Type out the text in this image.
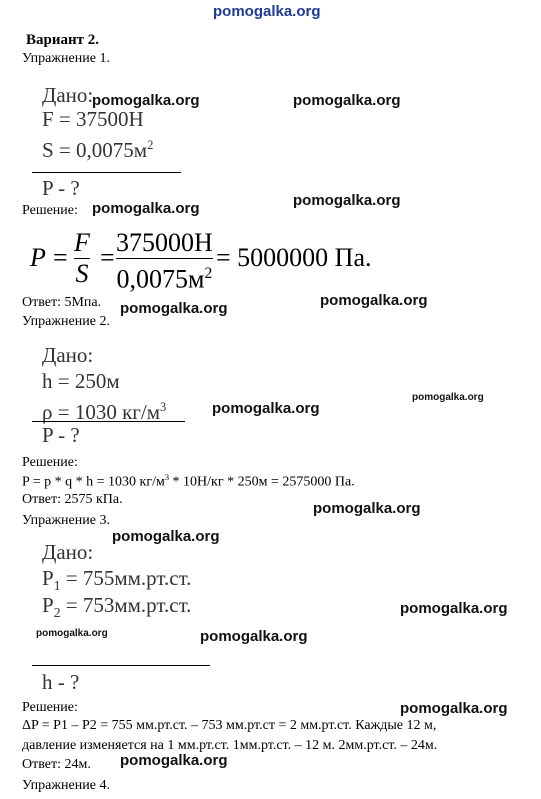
pomogalka.org
Вариант 2.
Упражнение 1.
Дано:
F = 37500Н
$S = 0,0075м^2$
P - ?
Решение:
P =
F
S
=
375000H
$0,0075м^2$
= 5000000 Па.
Ответ: 5Мпа.
Упражнение 2.
Дано:
h = 250м
ρ = 1030 $кг/м^3$
P - ?
Решение:
P = p * q * h = 1030 $кг/м^3 * 10Н/кг * 250м = 2575000$ Па.
Ответ: 2575 кПа.
Упражнение 3.
Дано:
$P_1 = 755мм.рт.ст$.
$P_2 = 753мм.рт.ст$.
h - ?
Решение:
ΔP = P1 – P2 = 755 мм.рт.ст. – 753 мм.рт.ст = 2 мм.рт.ст. Каждые 12 м,
давление изменяется на 1 мм.рт.ст. 1мм.рт.ст. – 12 м. 2мм.рт.ст. – 24м.
Ответ: 24м.
Упражнение 4.
pomogalka.org	pomogalka.org
pomogalka.org
pomogalka.org
pomogalka.org
pomogalka.org
pomogalka.org
pomogalka.org
pomogalka.org
pomogalka.org
pomogalka.org
pomogalka.org	pomogalka.org
pomogalka.org
pomogalka.org
